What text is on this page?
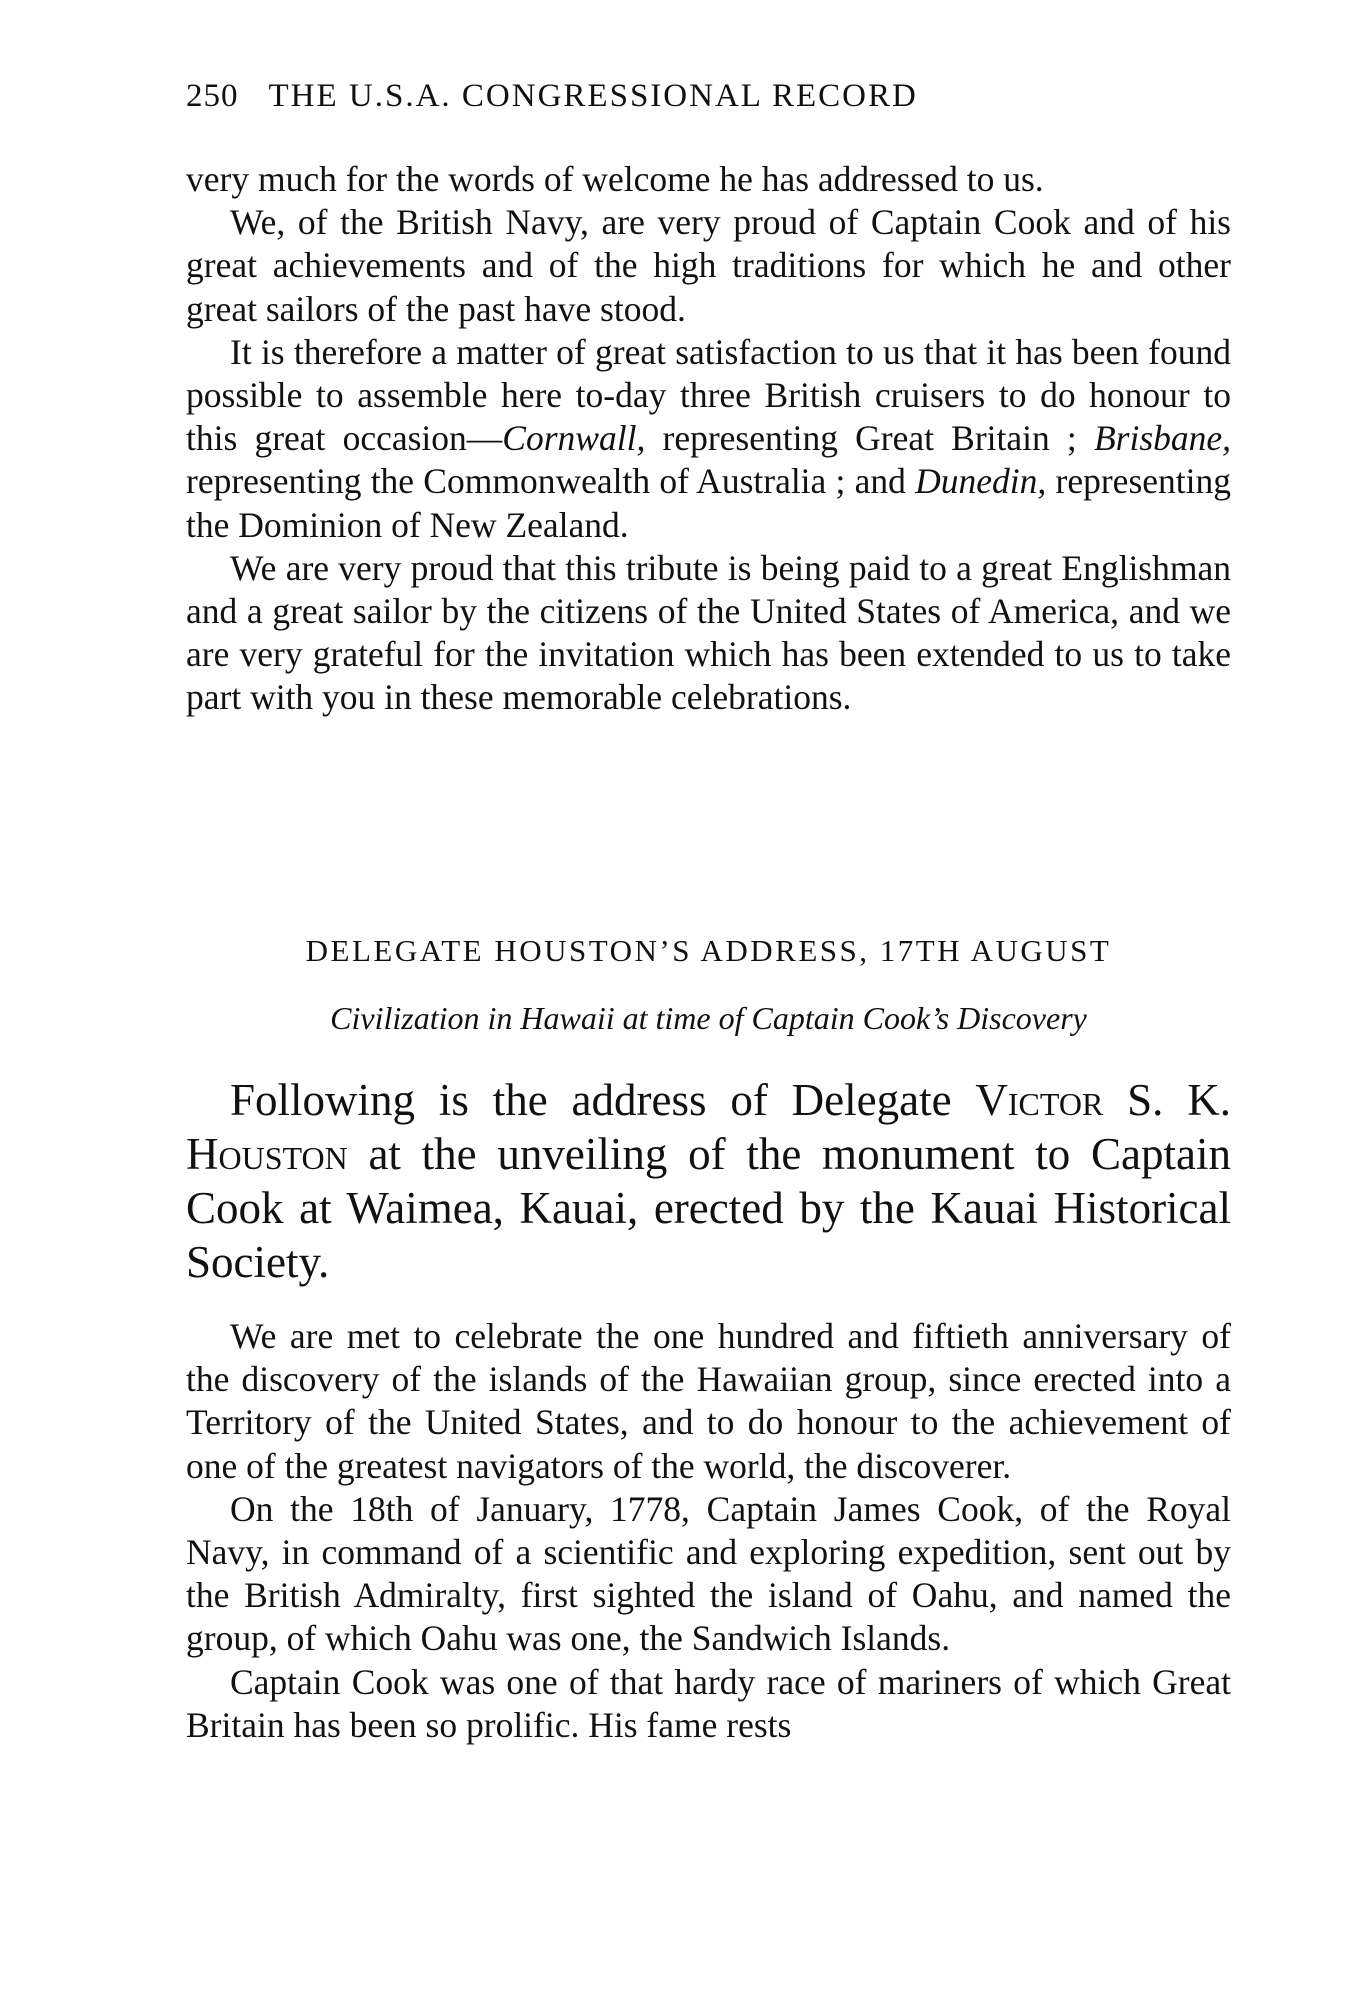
250 THE U.S.A. CONGRESSIONAL RECORD

very much for the words of welcome he has addressed to us.

We, of the British Navy, are very proud of Captain Cook and of his great achievements and of the high traditions for which he and other great sailors of the past have stood.

It is therefore a matter of great satisfaction to us that it has been found possible to assemble here to-day three British cruisers to do honour to this great occasion—Cornwall, representing Great Britain ; Brisbane, representing the Commonwealth of Australia ; and Dunedin, representing the Dominion of New Zealand.

We are very proud that this tribute is being paid to a great Englishman and a great sailor by the citizens of the United States of America, and we are very grateful for the invitation which has been extended to us to take part with you in these memorable celebrations.

DELEGATE HOUSTON’S ADDRESS, 17TH AUGUST
Civilization in Hawaii at time of Captain Cook’s Discovery

Following is the address of Delegate Victor S. K. Houston at the unveiling of the monument to Captain Cook at Waimea, Kauai, erected by the Kauai Historical Society.

We are met to celebrate the one hundred and fiftieth anniversary of the discovery of the islands of the Hawaiian group, since erected into a Territory of the United States, and to do honour to the achievement of one of the greatest navigators of the world, the discoverer.

On the 18th of January, 1778, Captain James Cook, of the Royal Navy, in command of a scientific and exploring expedition, sent out by the British Admiralty, first sighted the island of Oahu, and named the group, of which Oahu was one, the Sandwich Islands.

Captain Cook was one of that hardy race of mariners of which Great Britain has been so prolific. His fame rests
